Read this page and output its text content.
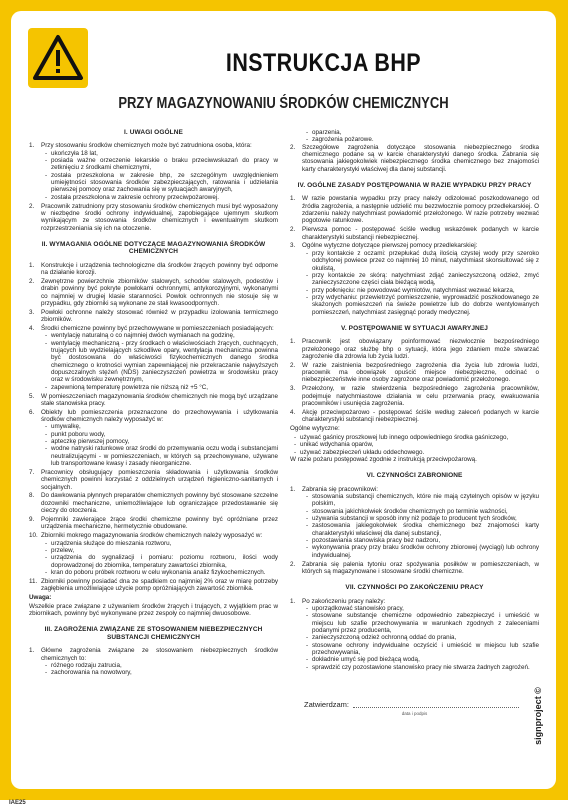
INSTRUKCJA BHP
PRZY MAGAZYNOWANIU ŚRODKÓW CHEMICZNYCH
I. UWAGI OGÓLNE
1. Przy stosowaniu środków chemicznych może być zatrudniona osoba, która:
- ukończyła 18 lat,
- posiada ważne orzeczenie lekarskie o braku przeciwwskazań do pracy w zetknięciu z środkami chemicznymi,
- została przeszkolona w zakresie bhp, ze szczególnym uwzględnieniem umiejętności stosowania środków zabezpieczających, ratowania i udzielania pierwszej pomocy oraz zachowania się w sytuacjach awaryjnych,
- została przeszkolona w zakresie ochrony przeciwpożarowej.
2. Pracownik zatrudniony przy stosowaniu środków chemicznych musi być wyposażony w niezbędne środki ochrony indywidualnej, zapobiegające ujemnym skutkom wynikającym ze stosowania środków chemicznych i ewentualnym skutkom rozprzestrzeniania się ich na otoczenie.
II. WYMAGANIA OGÓLNE DOTYCZĄCE MAGAZYNOWANIA ŚRODKÓW CHEMICZNYCH
1. Konstrukcje i urządzenia technologiczne dla środków żrących powinny być odporne na działanie korozji.
2. Zewnętrzne powierzchnie zbiorników stalowych, schodów stalowych, podestów i drabin powinny być pokryte powłokami ochronnymi, antykorozyjnymi, wykonanymi co najmniej w drugiej klasie staranności. Powłok ochronnych nie stosuje się w przypadku, gdy zbiorniki są wykonane ze stali kwasoodpornych.
3. Powłoki ochronne należy stosować również w przypadku izolowania termicznego zbiorników.
4. Środki chemiczne powinny być przechowywane w pomieszczeniach posiadających:
- wentylację naturalną o co najmniej dwóch wymianach na godzinę,
- wentylację mechaniczną - przy środkach o właściwościach żrących, cuchnących, trujących lub wydzielających szkodliwe opary, wentylacja mechaniczna powinna być dostosowana do właściwości fizykochemicznych danego środka chemicznego o krotności wymian zapewniającej nie przekraczanie najwyższych dopuszczalnych stężeń (NDS) zanieczyszczeń powietrza w środowisku pracy oraz w środowisku zewnętrznym,
- zapewnioną temperaturę powietrza nie niższą niż +5 °C,
5. W pomieszczeniach magazynowania środków chemicznych nie mogą być urządzane stałe stanowiska pracy.
6. Obiekty lub pomieszczenia przeznaczone do przechowywania i użytkowania środków chemicznych należy wyposażyć w:
- umywalkę,
- punkt poboru wody,
- apteczkę pierwszej pomocy,
- wodne natryski ratunkowe oraz środki do przemywania oczu wodą i substancjami neutralizującymi - w pomieszczeniach, w których są przechowywane, używane lub transportowane kwasy i zasady nieorganiczne.
7. Pracownicy obsługujący pomieszczenia składowania i użytkowania środków chemicznych powinni korzystać z oddzielnych urządzeń higieniczno-sanitarnych i socjalnych.
8. Do dawkowania płynnych preparatów chemicznych powinny być stosowane szczelne dozowniki mechaniczne, uniemożliwiające lub ograniczające przedostawanie się cieczy do otoczenia.
9. Pojemniki zawierające żrące środki chemiczne powinny być opróżniane przez urządzenia mechaniczne, hermetycznie obudowane.
10. Zbiorniki mokrego magazynowania środków chemicznych należy wyposażyć w:
- urządzenia służące do mieszania roztworu,
- przelew,
- urządzenia do sygnalizacji i pomiaru: poziomu roztworu, ilości wody doprowadzonej do zbiornika, temperatury zawartości zbiornika,
- kran do poboru próbek roztworu w celu wykonania analiz fizykochemicznych.
11. Zbiorniki powinny posiadać dna ze spadkiem co najmniej 2% oraz w miarę potrzeby zagłębienia umożliwiające użycie pomp opróżniających zawartość zbiornika.
Uwaga:
Wszelkie prace związane z używaniem środków żrących i trujących, z wyjątkiem prac w zbiornikach, powinny być wykonywane przez zespoły co najmniej dwuosobowe.
III. ZAGROŻENIA ZWIĄZANE ZE STOSOWANIEM NIEBEZPIECZNYCH SUBSTANCJI CHEMICZNYCH
1. Główne zagrożenia związane ze stosowaniem niebezpiecznych środków chemicznych to:
- różnego rodzaju zatrucia,
- zachorowania na nowotwory,
- oparzenia,
- zagrożenia pożarowe.
2. Szczegółowe zagrożenia dotyczące stosowania niebezpiecznego środka chemicznego podane są w karcie charakterystyki danego środka. Zabrania się stosowania jakiegokolwiek niebezpiecznego środka chemicznego bez znajomości karty charakterystyki właściwej dla danej substancji.
IV. OGÓLNE ZASADY POSTĘPOWANIA W RAZIE WYPADKU PRZY PRACY
1. W razie powstania wypadku przy pracy należy odizolować poszkodowanego od źródła zagrożenia, a następnie udzielić mu bezzwłocznie pomocy przedlekarskiej. O zdarzeniu należy natychmiast powiadomić przełożonego. W razie potrzeby wezwać pogotowie ratunkowe.
2. Pierwsza pomoc - postępować ściśle według wskazówek podanych w karcie charakterystyki substancji niebezpiecznej.
3. Ogólne wytyczne dotyczące pierwszej pomocy przedlekarskiej:
- przy kontakcie z oczami: przepłukać dużą ilością czystej wody przy szeroko odchylonej powiece przez co najmniej 10 minut, natychmiast skonsultować się z okulistą,
- przy kontakcie ze skórą: natychmiast zdjąć zanieczyszczoną odzież, zmyć zanieczyszczone części ciała bieżącą wodą,
- przy połknięciu: nie powodować wymiotów, natychmiast wezwać lekarza,
- przy wdychaniu: przewietrzyć pomieszczenie, wyprowadzić poszkodowanego ze skażonych pomieszczeń na świeże powietrze lub do dobrze wentylowanych pomieszczeń, natychmiast zasięgnąć porady medycznej.
V. POSTĘPOWANIE W SYTUACJI AWARYJNEJ
1. Pracownik jest obowiązany poinformować niezwłocznie bezpośredniego przełożonego oraz służbę bhp o sytuacji, która jego zdaniem może stwarzać zagrożenie dla zdrowia lub życia ludzi.
2. W razie zaistnienia bezpośredniego zagrożenia dla życia lub zdrowia ludzi, pracownik ma obowiązek opuścić miejsce niebezpieczne, odcinać o niebezpieczeństwie inne osoby zagrożone oraz powiadomić przełożonego.
3. Przełożony, w razie stwierdzenia bezpośredniego zagrożenia pracowników, podejmuje natychmiastowe działania w celu przerwania pracy, ewakuowania pracowników i usunięcia zagrożenia.
4. Akcję przeciwpożarowo - postępować ściśle według zaleceń podanych w karcie charakterystyki substancji niebezpiecznej.
Ogólne wytyczne:
- używać gaśnicy proszkowej lub innego odpowiedniego środka gaśniczego,
- unikać wdychania oparów,
- używać zabezpieczeń układu oddechowego.
W razie pożaru postępować zgodnie z instrukcją przeciwpożarową.
VI. CZYNNOŚCI ZABRONIONE
1. Zabrania się pracownikowi:
- stosowania substancji chemicznych, które nie mają czytelnych opisów w języku polskim,
- stosowania jakichkolwiek środków chemicznych po terminie ważności,
- używania substancji w sposób inny niż podaje to producent tych środków,
- zastosowania jakiegokolwiek środka chemicznego bez znajomości karty charakterystyki właściwej dla danej substancji,
- pozostawiania stanowiska pracy bez nadzoru,
- wykonywania pracy przy braku środków ochrony zbiorowej (wyciągi) lub ochrony indywidualnej.
2. Zabrania się palenia tytoniu oraz spożywania posiłków w pomieszczeniach, w których są magazynowane i stosowane środki chemiczne.
VII. CZYNNOŚCI PO ZAKOŃCZENIU PRACY
1. Po zakończeniu pracy należy:
- uporządkować stanowisko pracy,
- stosowane substancje chemiczne odpowiednio zabezpieczyć i umieścić w miejscu lub szafie przechowywania w warunkach zgodnych z zaleceniami podanymi przez producenta,
- zanieczyszczoną odzież ochronną oddać do prania,
- stosowane ochrony indywidualne oczyścić i umieścić w miejscu lub szafie przechowywania,
- dokładnie umyć się pod bieżącą wodą,
- sprawdzić czy pozostawione stanowisko pracy nie stwarza żadnych zagrożeń.
Zatwierdzam:
data i podpis	signproject ©
IAE25
